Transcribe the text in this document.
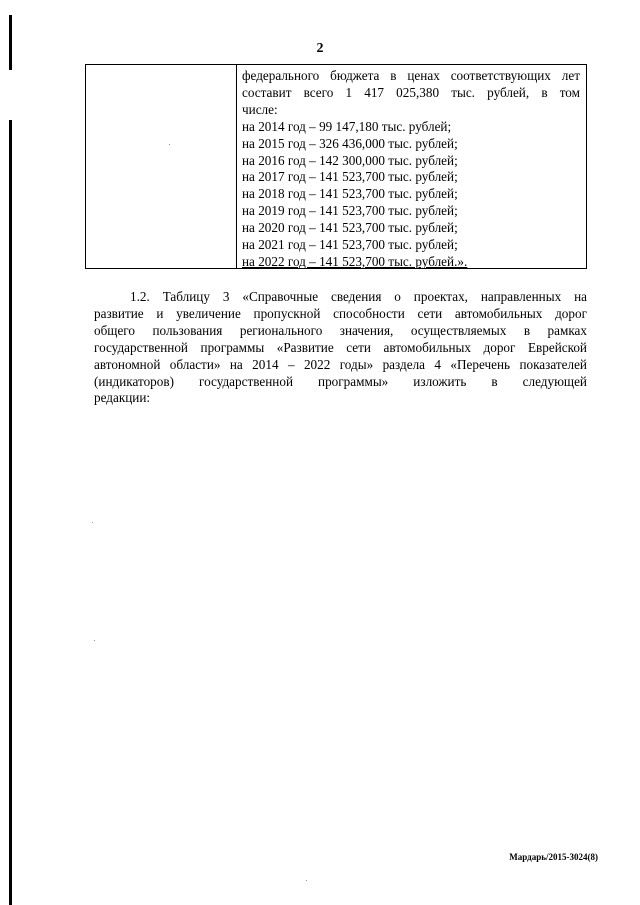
2
федерального бюджета в ценах соответствующих лет
составит всего 1 417 025,380 тыс. рублей, в том
числе:
на 2014 год – 99 147,180 тыс. рублей;
на 2015 год – 326 436,000 тыс. рублей;
на 2016 год – 142 300,000 тыс. рублей;
на 2017 год – 141 523,700 тыс. рублей;
на 2018 год – 141 523,700 тыс. рублей;
на 2019 год – 141 523,700 тыс. рублей;
на 2020 год – 141 523,700 тыс. рублей;
на 2021 год – 141 523,700 тыс. рублей;
на 2022 год – 141 523,700 тыс. рублей.».
1.2. Таблицу 3 «Справочные сведения о проектах, направленных на
развитие и увеличение пропускной способности сети автомобильных дорог
общего пользования регионального значения, осуществляемых в рамках
государственной программы «Развитие сети автомобильных дорог Еврейской
автономной области» на 2014 – 2022 годы» раздела 4 «Перечень показателей
(индикаторов) государственной программы» изложить в следующей
редакции:
Мардарь/2015-3024(8)
